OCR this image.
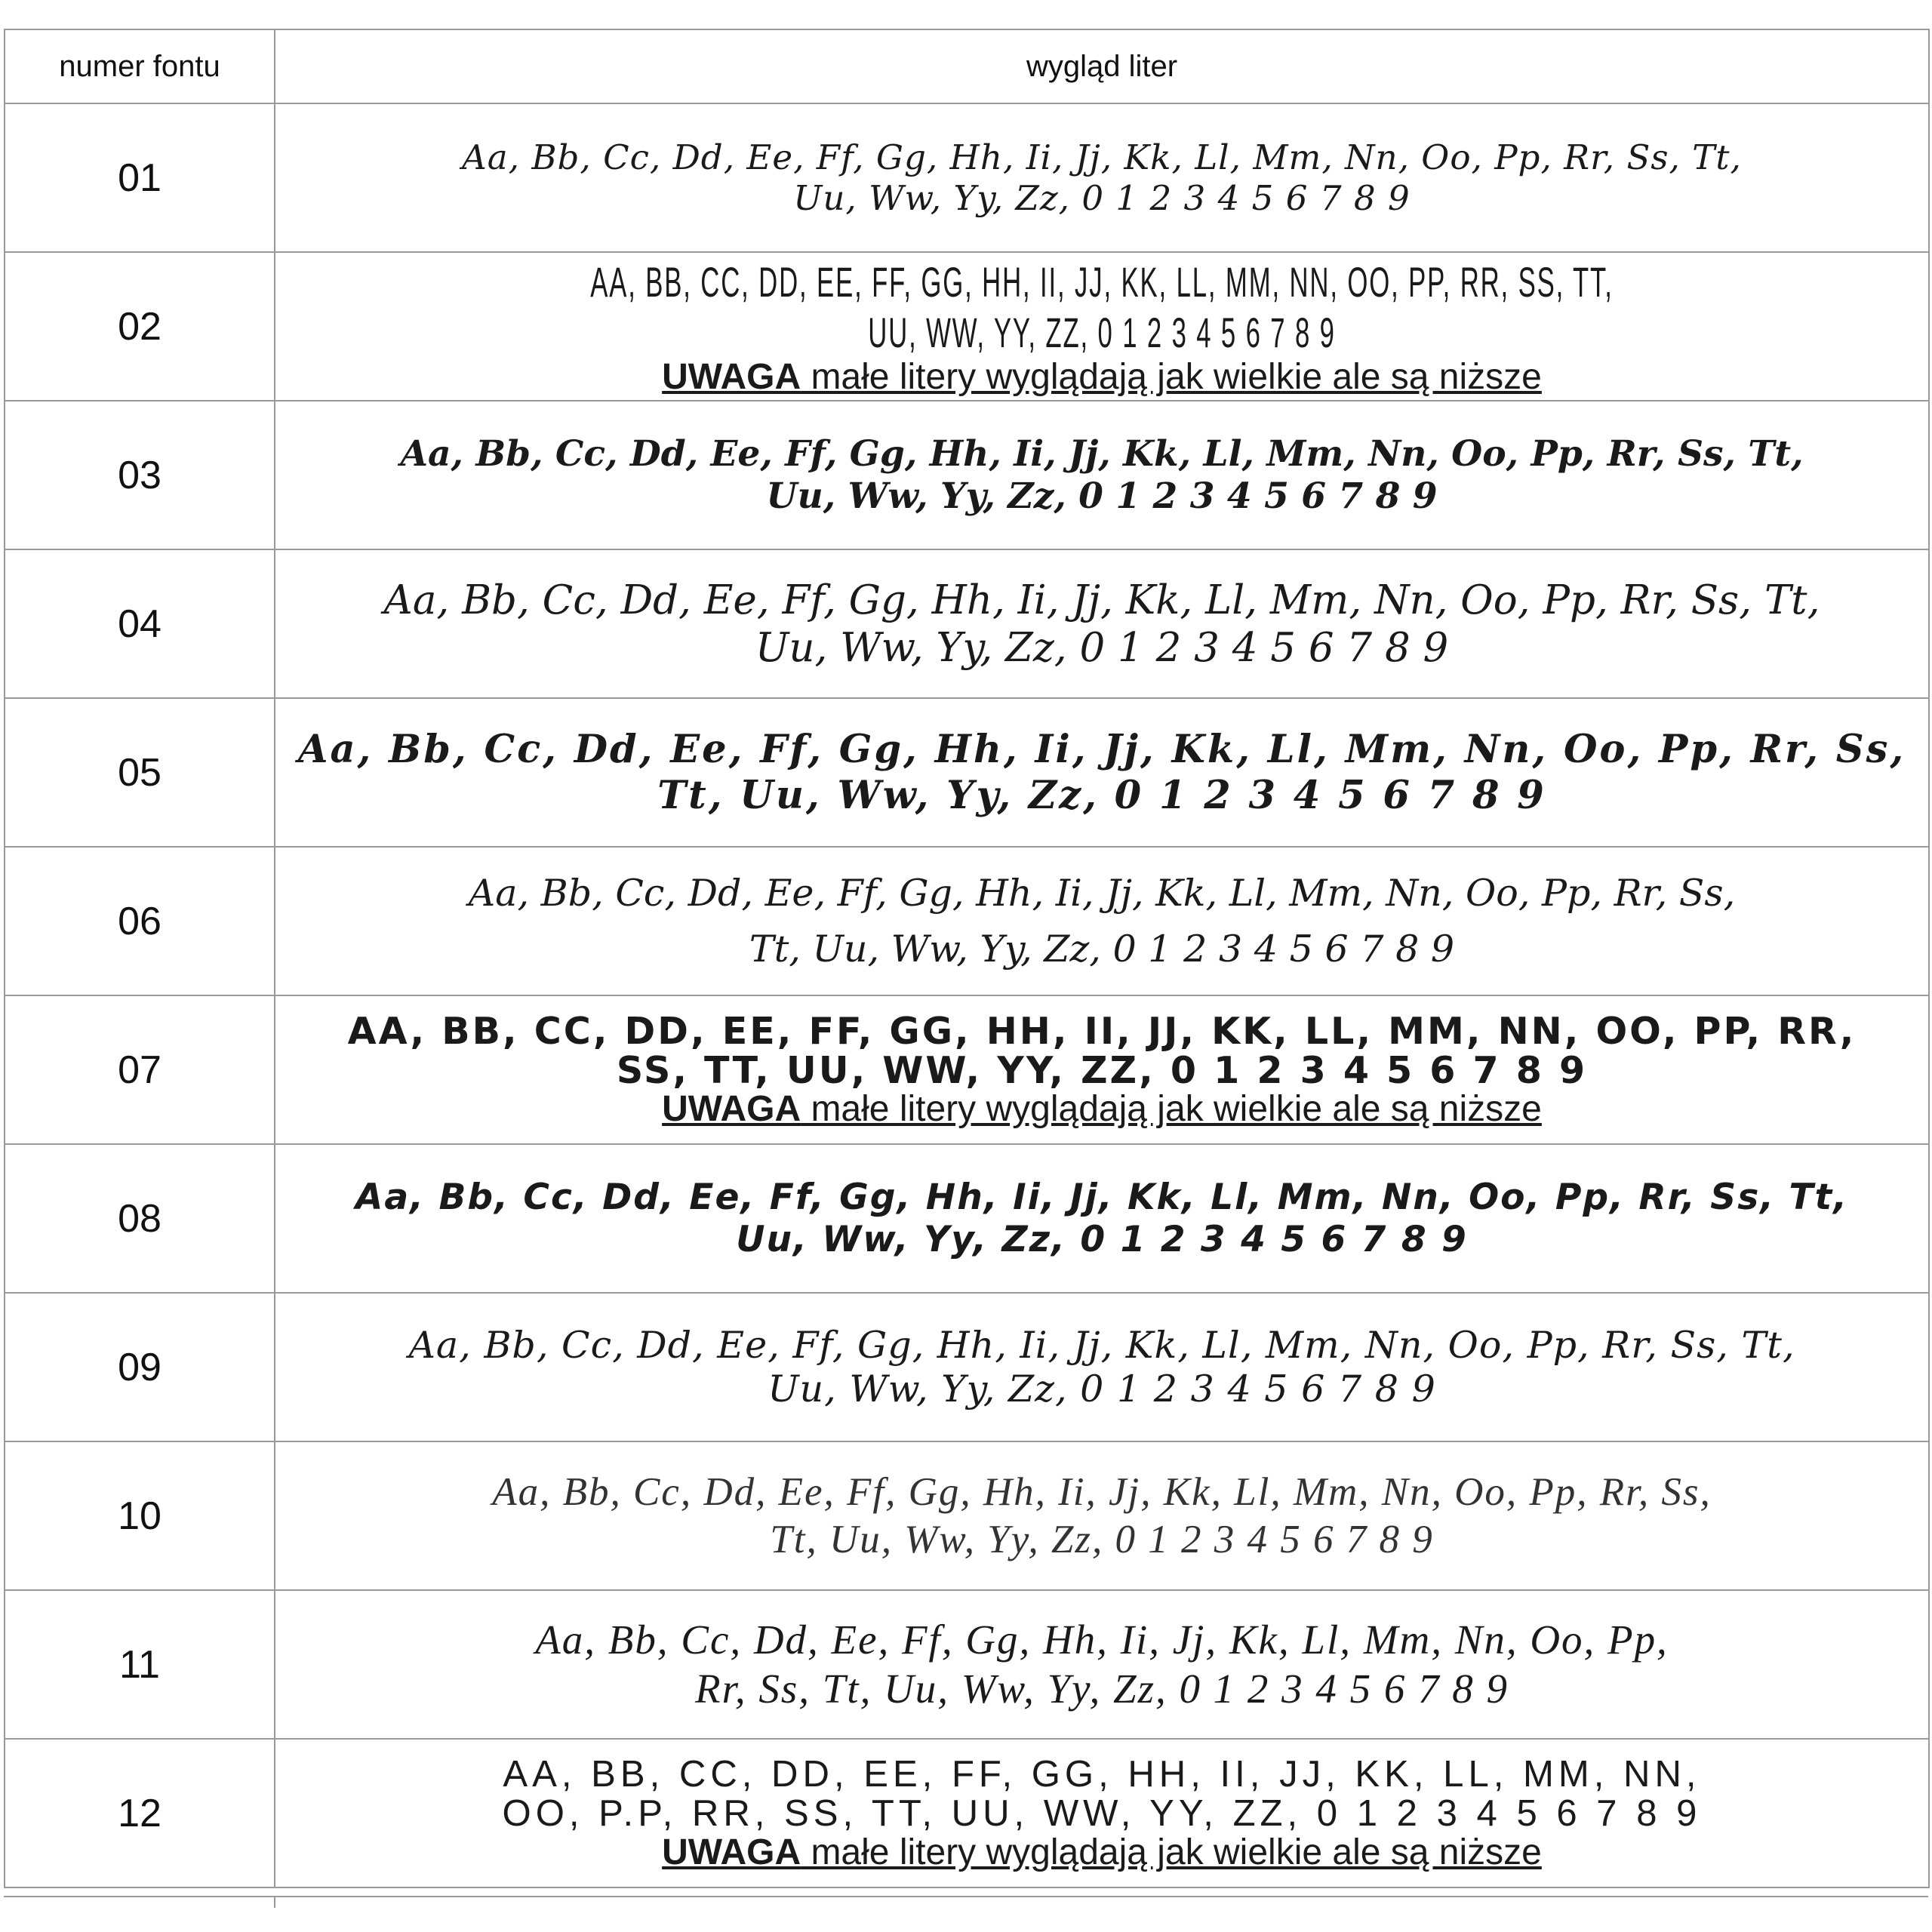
numer fontu	wygląd liter
01	Aa, Bb, Cc, Dd, Ee, Ff, Gg, Hh, Ii, Jj, Kk, Ll, Mm, Nn, Oo, Pp, Rr, Ss, Tt,
Uu, Ww, Yy, Zz, 0 1 2 3 4 5 6 7 8 9

02	AA, BB, CC, DD, EE, FF, GG, HH, II, JJ, KK, LL, MM, NN, OO, PP, RR, SS, TT,
UU, WW, YY, ZZ, 0 1 2 3 4 5 6 7 8 9
UWAGA małe litery wyglądają jak wielkie ale są niższe

03	Aa, Bb, Cc, Dd, Ee, Ff, Gg, Hh, Ii, Jj, Kk, Ll, Mm, Nn, Oo, Pp, Rr, Ss, Tt,
Uu, Ww, Yy, Zz, 0 1 2 3 4 5 6 7 8 9

04	Aa, Bb, Cc, Dd, Ee, Ff, Gg, Hh, Ii, Jj, Kk, Ll, Mm, Nn, Oo, Pp, Rr, Ss, Tt,
Uu, Ww, Yy, Zz, 0 1 2 3 4 5 6 7 8 9

05	Aa, Bb, Cc, Dd, Ee, Ff, Gg, Hh, Ii, Jj, Kk, Ll, Mm, Nn, Oo, Pp, Rr, Ss,
Tt, Uu, Ww, Yy, Zz, 0 1 2 3 4 5 6 7 8 9

06	Aa, Bb, Cc, Dd, Ee, Ff, Gg, Hh, Ii, Jj, Kk, Ll, Mm, Nn, Oo, Pp, Rr, Ss,
Tt, Uu, Ww, Yy, Zz, 0 1 2 3 4 5 6 7 8 9

07	AA, BB, CC, DD, EE, FF, GG, HH, II, JJ, KK, LL, MM, NN, OO, PP, RR,
SS, TT, UU, WW, YY, ZZ, 0 1 2 3 4 5 6 7 8 9
UWAGA małe litery wyglądają jak wielkie ale są niższe

08	Aa, Bb, Cc, Dd, Ee, Ff, Gg, Hh, Ii, Jj, Kk, Ll, Mm, Nn, Oo, Pp, Rr, Ss, Tt,
Uu, Ww, Yy, Zz, 0 1 2 3 4 5 6 7 8 9

09	Aa, Bb, Cc, Dd, Ee, Ff, Gg, Hh, Ii, Jj, Kk, Ll, Mm, Nn, Oo, Pp, Rr, Ss, Tt,
Uu, Ww, Yy, Zz, 0 1 2 3 4 5 6 7 8 9

10	Aa, Bb, Cc, Dd, Ee, Ff, Gg, Hh, Ii, Jj, Kk, Ll, Mm, Nn, Oo, Pp, Rr, Ss,
Tt, Uu, Ww, Yy, Zz, 0 1 2 3 4 5 6 7 8 9

11	Aa, Bb, Cc, Dd, Ee, Ff, Gg, Hh, Ii, Jj, Kk, Ll, Mm, Nn, Oo, Pp,
Rr, Ss, Tt, Uu, Ww, Yy, Zz, 0 1 2 3 4 5 6 7 8 9

12	AA, BB, CC, DD, EE, FF, GG, HH, II, JJ, KK, LL, MM, NN,
OO, P.P, RR, SS, TT, UU, WW, YY, ZZ, 0 1 2 3 4 5 6 7 8 9
UWAGA małe litery wyglądają jak wielkie ale są niższe
